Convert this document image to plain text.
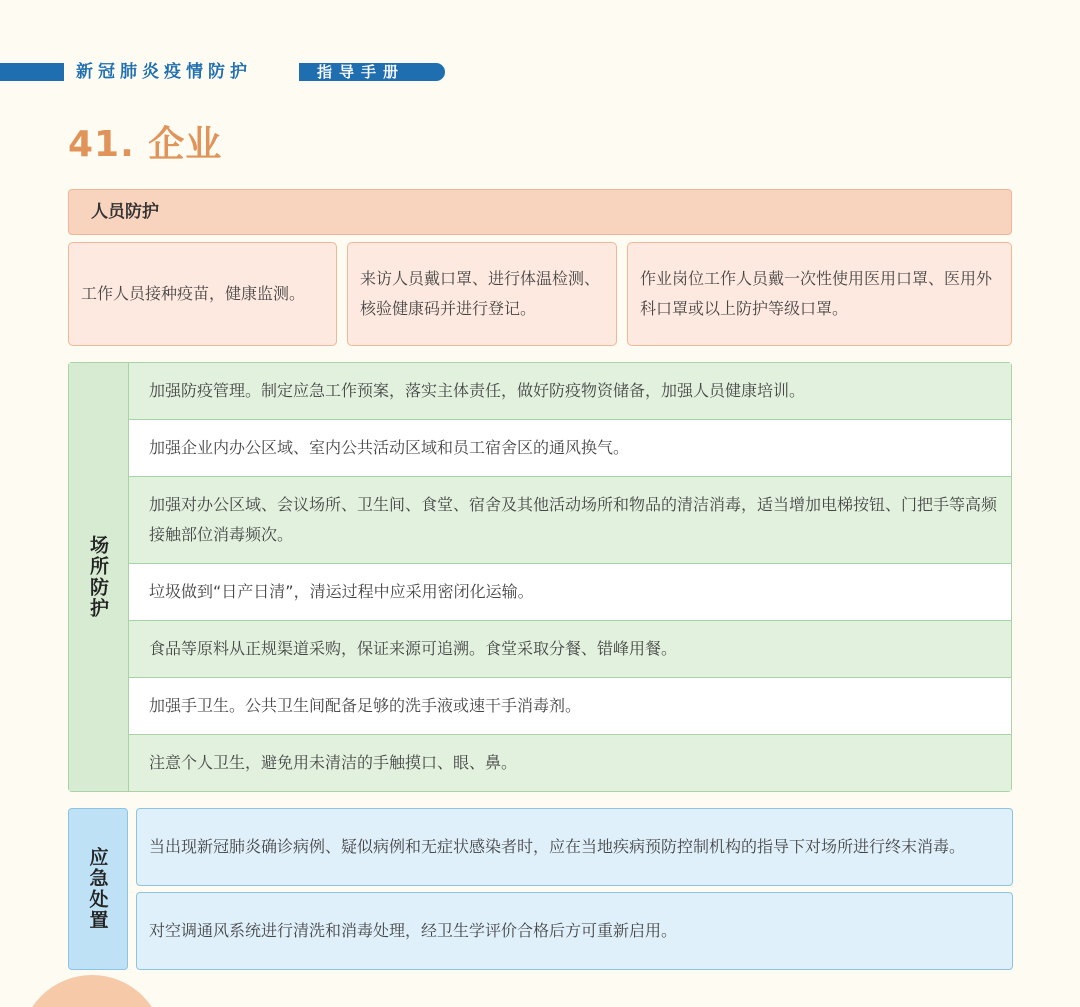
新冠肺炎疫情防护	指导手册
41. 企业
人员防护
工作人员接种疫苗，健康监测。
来访人员戴口罩、进行体温检测、核验健康码并进行登记。
作业岗位工作人员戴一次性使用医用口罩、医用外科口罩或以上防护等级口罩。
场所防护
加强防疫管理。制定应急工作预案，落实主体责任，做好防疫物资储备，加强人员健康培训。
加强企业内办公区域、室内公共活动区域和员工宿舍区的通风换气。
加强对办公区域、会议场所、卫生间、食堂、宿舍及其他活动场所和物品的清洁消毒，适当增加电梯按钮、门把手等高频接触部位消毒频次。
垃圾做到“日产日清”，清运过程中应采用密闭化运输。
食品等原料从正规渠道采购，保证来源可追溯。食堂采取分餐、错峰用餐。
加强手卫生。公共卫生间配备足够的洗手液或速干手消毒剂。
注意个人卫生，避免用未清洁的手触摸口、眼、鼻。
应急处置
当出现新冠肺炎确诊病例、疑似病例和无症状感染者时，应在当地疾病预防控制机构的指导下对场所进行终末消毒。
对空调通风系统进行清洗和消毒处理，经卫生学评价合格后方可重新启用。
